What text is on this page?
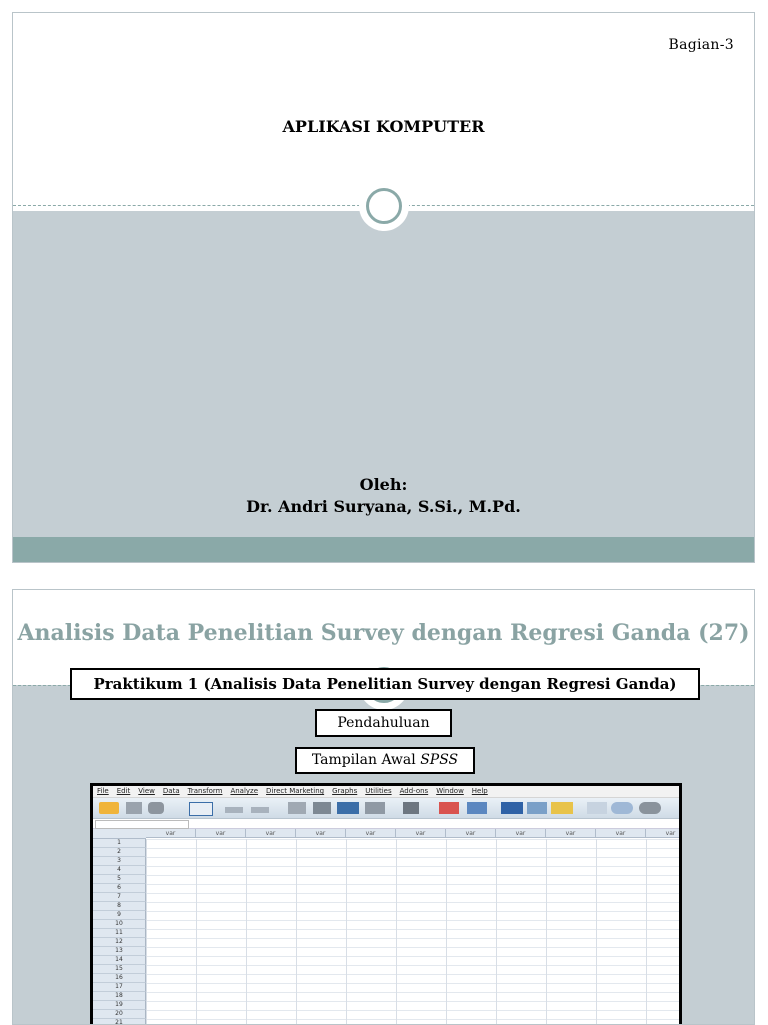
Bagian-3
APLIKASI KOMPUTER
Oleh:
Dr. Andri Suryana, S.Si., M.Pd.
Analisis Data Penelitian Survey dengan Regresi Ganda (27)
Praktikum 1 (Analisis Data Penelitian Survey dengan Regresi Ganda)
Pendahuluan
Tampilan Awal SPSS
File Edit View Data Transform Analyze Direct Marketing Graphs Utilities Add-ons Window Help
1
2
3
4
5
6
7
8
9
10
11
12
13
14
15
16
17
18
19
20
21
var	var	var	var	var	var	var	var	var	var	var
